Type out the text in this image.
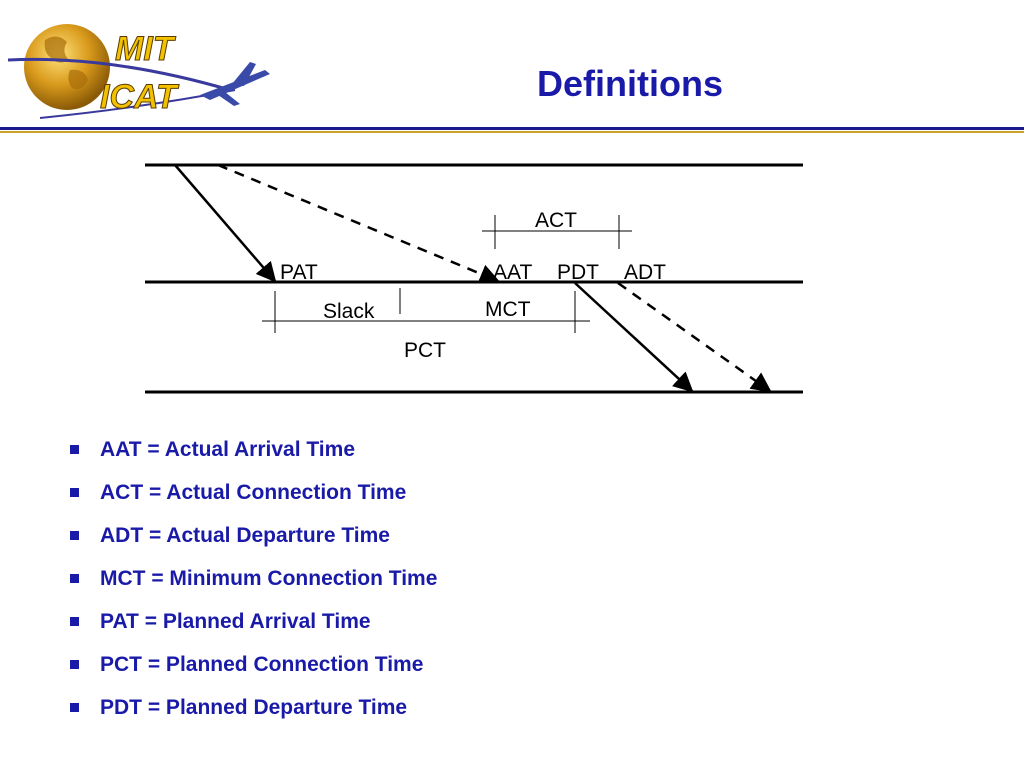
MIT
ICAT	Definitions
ACT
PAT	AAT PDT ADT
Slack	MCT
PCT
AAT = Actual Arrival Time
ACT = Actual Connection Time
ADT = Actual Departure Time
MCT = Minimum Connection Time
PAT = Planned Arrival Time
PCT = Planned Connection Time
PDT = Planned Departure Time
